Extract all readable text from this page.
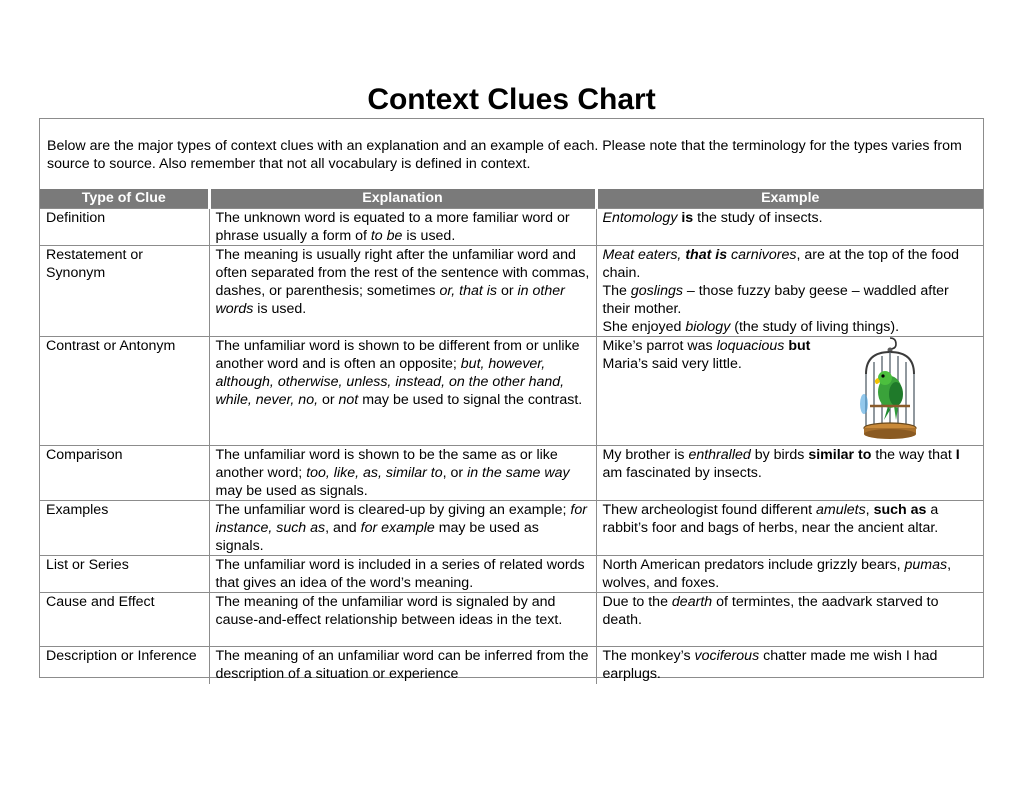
Context Clues Chart
Below are the major types of context clues with an explanation and an example of each. Please note that the terminology for the types varies from source to source. Also remember that not all vocabulary is defined in context.
Type of Clue	Explanation	Example
Definition	The unknown word is equated to a more familiar word or phrase usually a form of to be is used.	Entomology is the study of insects.
Restatement or Synonym	The meaning is usually right after the unfamiliar word and often separated from the rest of the sentence with commas, dashes, or parenthesis; sometimes or, that is or in other words is used.	Meat eaters, that is carnivores, are at the top of the food chain.
The goslings – those fuzzy baby geese – waddled after their mother.
She enjoyed biology (the study of living things).
Contrast or Antonym	The unfamiliar word is shown to be different from or unlike another word and is often an opposite; but, however, although, otherwise, unless, instead, on the other hand, while, never, no, or not may be used to signal the contrast.	Mike’s parrot was loquacious but
Maria’s said very little.
Comparison	The unfamiliar word is shown to be the same as or like another word; too, like, as, similar to, or in the same way may be used as signals.	My brother is enthralled by birds similar to the way that I am fascinated by insects.
Examples	The unfamiliar word is cleared-up by giving an example; for instance, such as, and for example may be used as signals.	Thew archeologist found different amulets, such as a rabbit’s foor and bags of herbs, near the ancient altar.
List or Series	The unfamiliar word is included in a series of related words that gives an idea of the word’s meaning.	North American predators include grizzly bears, pumas, wolves, and foxes.
Cause and Effect	The meaning of the unfamiliar word is signaled by and cause-and-effect relationship between ideas in the text.	Due to the dearth of termintes, the aadvark starved to death.
Description or Inference	The meaning of an unfamiliar word can be inferred from the description of a situation or experience	The monkey’s vociferous chatter made me wish I had earplugs.
